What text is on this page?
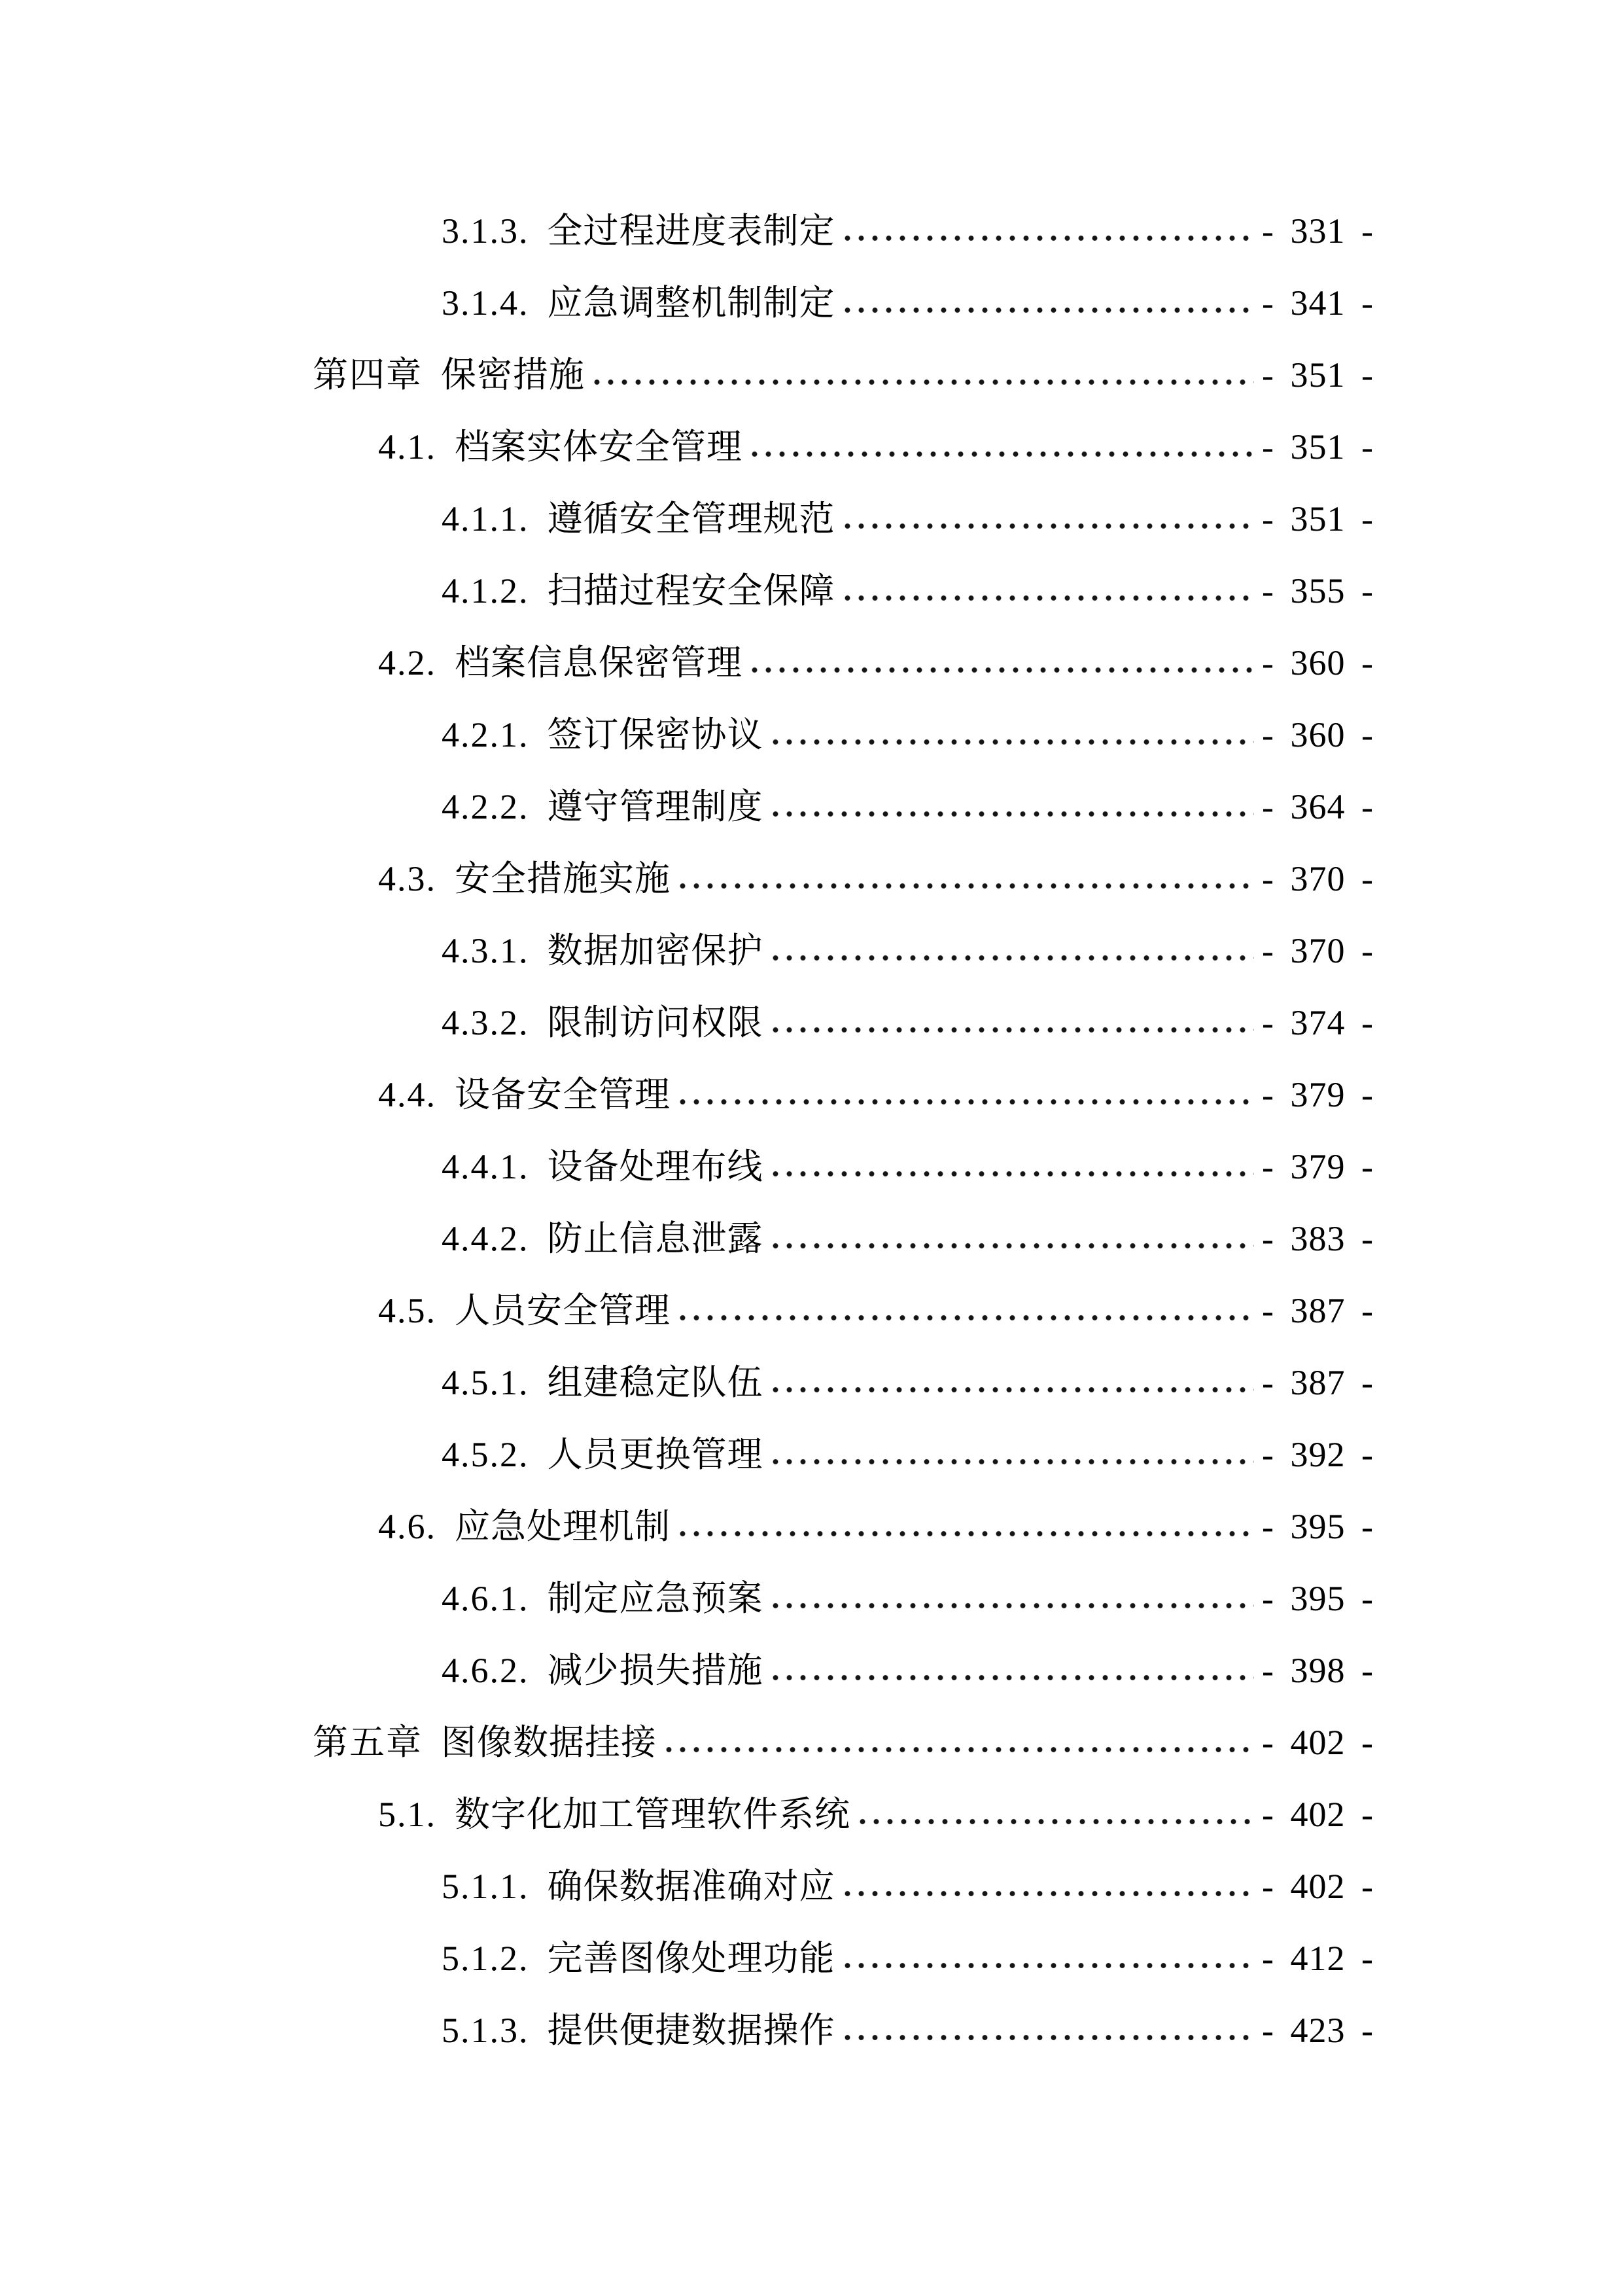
3.1.3. 全过程进度表制定	- 331 -
3.1.4. 应急调整机制制定	- 341 -
第四章 保密措施	- 351 -
4.1. 档案实体安全管理	- 351 -
4.1.1. 遵循安全管理规范	- 351 -
4.1.2. 扫描过程安全保障	- 355 -
4.2. 档案信息保密管理	- 360 -
4.2.1. 签订保密协议	- 360 -
4.2.2. 遵守管理制度	- 364 -
4.3. 安全措施实施	- 370 -
4.3.1. 数据加密保护	- 370 -
4.3.2. 限制访问权限	- 374 -
4.4. 设备安全管理	- 379 -
4.4.1. 设备处理布线	- 379 -
4.4.2. 防止信息泄露	- 383 -
4.5. 人员安全管理	- 387 -
4.5.1. 组建稳定队伍	- 387 -
4.5.2. 人员更换管理	- 392 -
4.6. 应急处理机制	- 395 -
4.6.1. 制定应急预案	- 395 -
4.6.2. 减少损失措施	- 398 -
第五章 图像数据挂接	- 402 -
5.1. 数字化加工管理软件系统	- 402 -
5.1.1. 确保数据准确对应	- 402 -
5.1.2. 完善图像处理功能	- 412 -
5.1.3. 提供便捷数据操作	- 423 -
